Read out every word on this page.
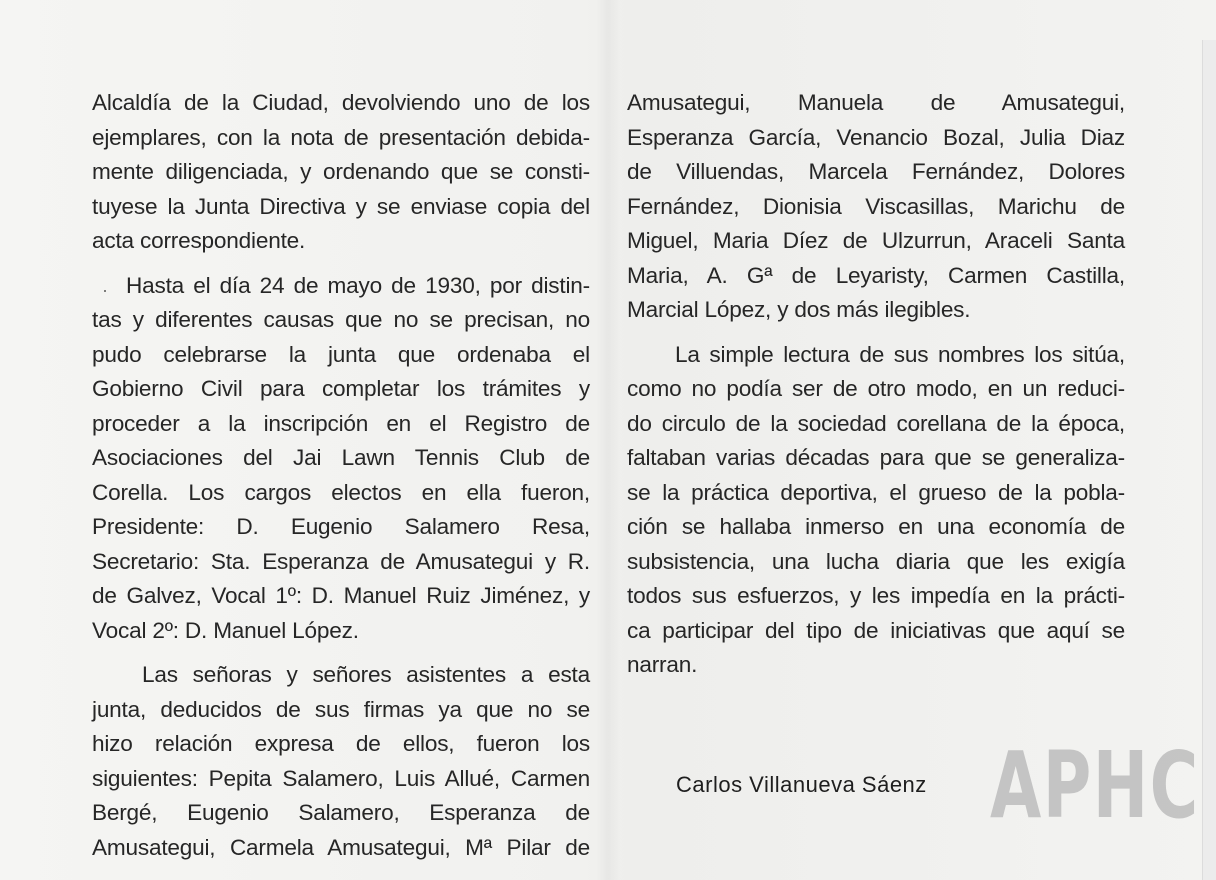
Alcaldía de la Ciudad, devolviendo uno de los
ejemplares, con la nota de presentación debida-
mente diligenciada, y ordenando que se consti-
tuyese la Junta Directiva y se enviase copia del
acta correspondiente.
Hasta el día 24 de mayo de 1930, por distin-
tas y diferentes causas que no se precisan, no
pudo celebrarse la junta que ordenaba el
Gobierno Civil para completar los trámites y
proceder a la inscripción en el Registro de
Asociaciones del Jai Lawn Tennis Club de
Corella. Los cargos electos en ella fueron,
Presidente: D. Eugenio Salamero Resa,
Secretario: Sta. Esperanza de Amusategui y R.
de Galvez, Vocal 1º: D. Manuel Ruiz Jiménez, y
Vocal 2º: D. Manuel López.
Las señoras y señores asistentes a esta
junta, deducidos de sus firmas ya que no se
hizo relación expresa de ellos, fueron los
siguientes: Pepita Salamero, Luis Allué, Carmen
Bergé, Eugenio Salamero, Esperanza de
Amusategui, Carmela Amusategui, Mª Pilar de
Amusategui, Manuela de Amusategui,
Esperanza García, Venancio Bozal, Julia Diaz
de Villuendas, Marcela Fernández, Dolores
Fernández, Dionisia Viscasillas, Marichu de
Miguel, Maria Díez de Ulzurrun, Araceli Santa
Maria, A. Gª de Leyaristy, Carmen Castilla,
Marcial López, y dos más ilegibles.
La simple lectura de sus nombres los sitúa,
como no podía ser de otro modo, en un reduci-
do circulo de la sociedad corellana de la época,
faltaban varias décadas para que se generaliza-
se la práctica deportiva, el grueso de la pobla-
ción se hallaba inmerso en una economía de
subsistencia, una lucha diaria que les exigía
todos sus esfuerzos, y les impedía en la prácti-
ca participar del tipo de iniciativas que aquí se
narran.
Carlos Villanueva Sáenz APHC
